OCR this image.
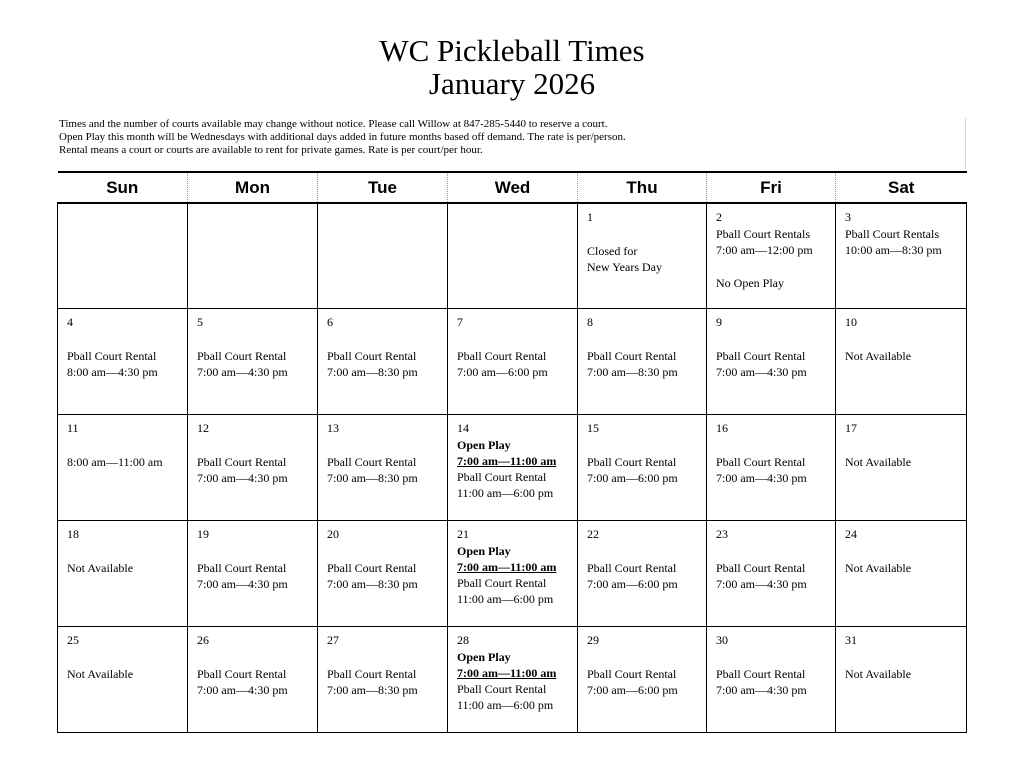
WC Pickleball Times
January 2026
Times and the number of courts available may change without notice. Please call Willow at 847-285-5440 to reserve a court.
Open Play this month will be Wednesdays with additional days added in future months based off demand. The rate is per/person.
Rental means a court or courts are available to rent for private games. Rate is per court/per hour.
Sun	Mon	Tue	Wed	Thu	Fri	Sat

				1
Closed for
New Years Day	2
Pball Court Rentals
7:00 am—12:00 pm
No Open Play	3
Pball Court Rentals
10:00 am—8:30 pm

4
Pball Court Rental
8:00 am—4:30 pm	5
Pball Court Rental
7:00 am—4:30 pm	6
Pball Court Rental
7:00 am—8:30 pm	7
Pball Court Rental
7:00 am—6:00 pm	8
Pball Court Rental
7:00 am—8:30 pm	9
Pball Court Rental
7:00 am—4:30 pm	10
Not Available

11
8:00 am—11:00 am	12
Pball Court Rental
7:00 am—4:30 pm	13
Pball Court Rental
7:00 am—8:30 pm	14
Open Play
7:00 am—11:00 am
Pball Court Rental
11:00 am—6:00 pm	15
Pball Court Rental
7:00 am—6:00 pm	16
Pball Court Rental
7:00 am—4:30 pm	17
Not Available

18
Not Available	19
Pball Court Rental
7:00 am—4:30 pm	20
Pball Court Rental
7:00 am—8:30 pm	21
Open Play
7:00 am—11:00 am
Pball Court Rental
11:00 am—6:00 pm	22
Pball Court Rental
7:00 am—6:00 pm	23
Pball Court Rental
7:00 am—4:30 pm	24
Not Available

25
Not Available	26
Pball Court Rental
7:00 am—4:30 pm	27
Pball Court Rental
7:00 am—8:30 pm	28
Open Play
7:00 am—11:00 am
Pball Court Rental
11:00 am—6:00 pm	29
Pball Court Rental
7:00 am—6:00 pm	30
Pball Court Rental
7:00 am—4:30 pm	31
Not Available
